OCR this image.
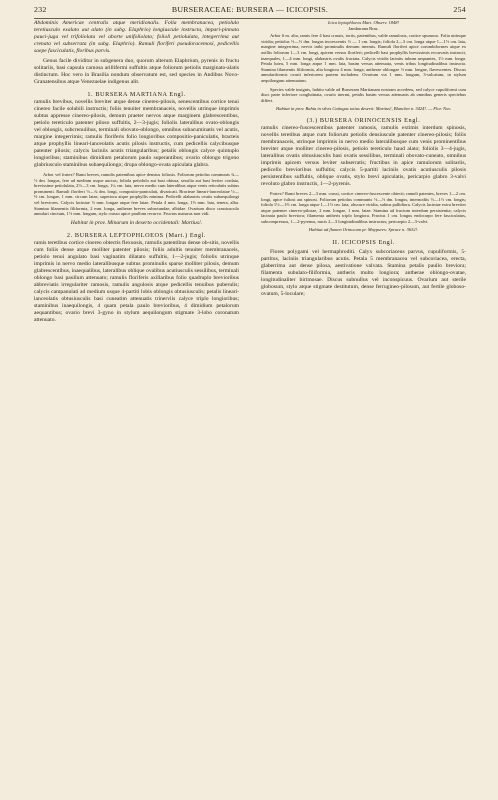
232	BURSERACEAE: BURSERA — ICICOPSIS.	254

Abdominis Americae centralis atque meridionalis. Folia membranacea, petiolulo teretiusculo exalato aut alato (in subg. Elaphrio) longiuscule instructa, impari-pinnata pauci-juga vel trifoliolata vel aborte unifoliolata; folioli petiolulata, integerrima aut crenata vel subserrata (in subg. Elaphrio). Ramuli floriferi pseudoracemosi, pedicellis saepe fasciculatis, floribus parvis.

Genus facile dividitur in subgenera duo, quorum alterum Elaphrium, pyrenis in fructu solitariis, basi capsula carnosa arillifermi suffultis atque foliorum petiolis marginato-alatis distinctum. Hoc vero in Brasilia nondum observatum est, sed species in Andibus Novo-Granatensibus atque Venezuelae indigenus alit.

1. BURSERA MARTIANA Engl.

ramulis brevibus, novellis breviter atque dense cinereo-pilosis, senescentibus cortice tenui cinereo facile solubili instructis; foliis tenuiter membranaceis, novellis utrinque imprimis subtus appresse cinereo-pilosis, demum praeter nervos atque marginem glabrescentibus, petiolo tereticulo patenter piloso suffultis, 2—3-jugis; foliolis lateralibus ovato-oblongis vel oblongis, subcrenulibus, terminali obovato-oblongo, omnibus subacuminatis vel acutis, margine integerrimis; ramulis floriferis folio longioribus compositio-paniculatis, bracteis atque prophyllis lineari-lanceolatis acutis pilosis instructis, cum pedicellis calycibusque patenter pilosis; calycis laciniis acutis triangularibus; petalis oblongis calyce quintuplo longioribus; staminibus dimidium petalorum paulo superantibus; ovario oblongo trigono glabriusculo staminibus subaequilongo; drupa oblongo-ovata apiculata glabra.

Arbor vel frutex? Rami breves, ramulis patentibus apice densius foliosis. Foliorum petiolus communis ¾—½ dm. longus, fere ad medium usque auctus; foliola petiolulo aut basi obtusa, sessilia aut basi leviter cordata, brevissime petiolulata, 2½—3 cm. longa, 1¼ cm. lata, nervo medio cum lateralibus atque venis reticulatis subtus prominenti. Ramuli floriferi ½—¾ dm. longi, composito-paniculati, divaricati. Bracteae lineari-lanceolatae ½—⅔ cm. longae, 1 mm. circum latae, superiora atque prophyllis minima. Pedicelli alabastris ovatis subaequilongi vel breviores. Calycis laciniae ½ mm. longae atque fere latae. Petala 4 mm. longa, 1⅓ mm. lata, tenera, alba. Stamina filamentis filiformia, 2 mm. longa, antherae breves subrotundae, albidae. Ovarium disco crassiusculo annulari cinctum, 1½ mm. longum, stylo crasso apice paullum recurvo. Fructus maturus non vidi.

Habitat in prov. Minarum in deserto occidentali: Martius!.

2. BURSERA LEPTOPHLOEOS (Mart.) Engl.

ramis teretibus cortice cinereo obtectis flexuosis, ramulis patentibus dense ob-sitis, novellis cum foliis dense atque molliter patenter pilosis; foliis adultis tenuiter membranaceis, petiolo tenui angulato basi vaginatim dilatato suffultis, 1—2-jugis; foliolis utrinque imprimis in nervo medio lateralibusque subtus prominulis sparse molliter pilosis, demum glabrescentibus, inaequalibus, lateralibus oblique ovalibus acutiusculis sessilibus, terminali oblongo basi paullum attenuato; ramulis floriferis axillaribus folio quadruplo brevioribus abbreviatis irregulariter ramosis, ramulis angulosis atque pedicellis tenuibus puberulis; calycis campanulati ad medium usque 4-partiti lobis oblongis obtusiusculis; petalis lineari-lanceolatis obtusiusculis basi cuneatim attenuatis trinerviis calyce triplo longioribus; staminibus inaequilongis, 4 quam petala paulo brevioribus, 4 dimidium petalorum aequantibus; ovario brevi 3-gyno in stylum aequilongum stigmate 3-lobo coronatum attenuato.

Icica leptophloeos Mart. Observ. 1848!

Jamburana Bras.

Arbor 6 m. alta, ramis fere 4 basi crassis, tortis, patentibus, valde ramulosis, cortice spumoso. Folia utrinque viridia; petiolus ½—⅓ dm. longus increscentis ½ — 1 cm. longis; foliola 2—3 cm. longa atque 1—1½ cm. lata, margine integerrima, nervis inibi prominulis demum inermis. Ramuli floriferi apice corumbiformes atque ex axillis foliorum 1—3 cm. longi, apicem versus floriferi; pedicelli basi prophyllis brevissimis recurvatis instructi, inaequales, 1—4 mm. longi, alabastris ovalis fructata. Calycis viridis laciniis tubum aequantes, 1½ mm. longa. Petala lutea, 5 mm. longa atque 1 mm. lata, basim versus attenuata, venis tribus longitudinalibus instructa. Stamina filamentis filiformia, alia longiora 4 mm. longa; antherae oblongae ½ mm. longae, flavescentes. Discus annulariformis ovarii inferiorem partem includens. Ovarium via 1 mm. longum, 3-sulcatum, in stylum aequilongum attenuatum.

Species valde insignis, habitu valde ad Burseram Martianam nostram accedens, sed calyce cupuliformi cum disci parte inferiore conglutinata, ovario inermi, petalis basim versus attenuatis ab omnibus generis speciebus differt.

Habitat in prov. Bahia in silvis Catingas totius deserti: Martius!, Blanchet n. 3424!. — Flor. Nov.

(3.) BURSERA ORINOCENSIS Engl.

ramulis cinereo-fuscescentibus patenter ramosis, ramulis extimis interdum spinosis, novellis teretibus atque cum foliorum petiolis densiuscule patenter cinereo-pilosis; foliis membranaceis, utrinque imprimis in nervo medio lateralibusque cum venis prominentibus breviter atque molliter cinereo-pilosis, petiolo tereticulo haud alato; foliolis 3—4-jugis, lateralibus ovatis obtusiusculis basi ovatis sessilibus, terminali obovato-cuneato, omnibus imprimis apicem versus leviter subserratis; fructibus in apice ramulorum solitariis, pedicello brevioribus suffultis; calycis 5-partiti laciniis ovatis acutiusculis pilosis persistentibus suffultis, oblique ovatis, stylo brevi apiculatis, pericarpio glabro 3-valvi revoluto glabro instructis, 1—2-pyrenis.

Frutex? Rami breves 2—3 mm. crassi, cortice cinereo-fuscescente obtecti; ramuli patentes, breves 1—2 cm. longi, apice fuliosi aut spinosi. Foliorum petiolus communis ½—½ dm. longus, internodiis ½—1½ cm. longis; foliola 1½—1⅔ cm. longa atque 1—1½ cm. lata, obscure viridia, subtus pallidiora. Calycis laciniae extra breviter atque patenter cinereo-pilosae, 2 mm. longae, 1 mm. latae. Stamina ad fructum interdum persistentia; calycis lacinaia paulo breviora; filamenta antheris triplo longiora. Fructus 1 cm. longus endocarpo fere fasciculatus, subcompressus, 1—2-pyrenus, nucis 2—3 longitudinalibus instructus; pericarpio 2—3-valvi.

Habitat ad flumen Orinocum pr. Maypures: Spruce n. 3632!.

II. ICICOPSIS Engl.

Flores polygami vel hermaphroditi. Calyx subcoriaceus parvus, cupuliformis, 5-partitus, laciniis triangularibus acutis. Petala 5 membranacea vel subcoriacea, erecta, glaberrima aut dense pilosa, aestivatione valvata. Stamina petalis paullo breviora; filamenta subulato-filiformia, antheris multo longiora; antherae oblongo-ovatae, longitudinaliter birimosae. Discus subnullus vel inconspicuus. Ovarium aut sterile globosum, stylo atque stigmate destitutum, dense ferrugineo-pilosum, aut fertile globoso-ovatum, 5-loculare;
